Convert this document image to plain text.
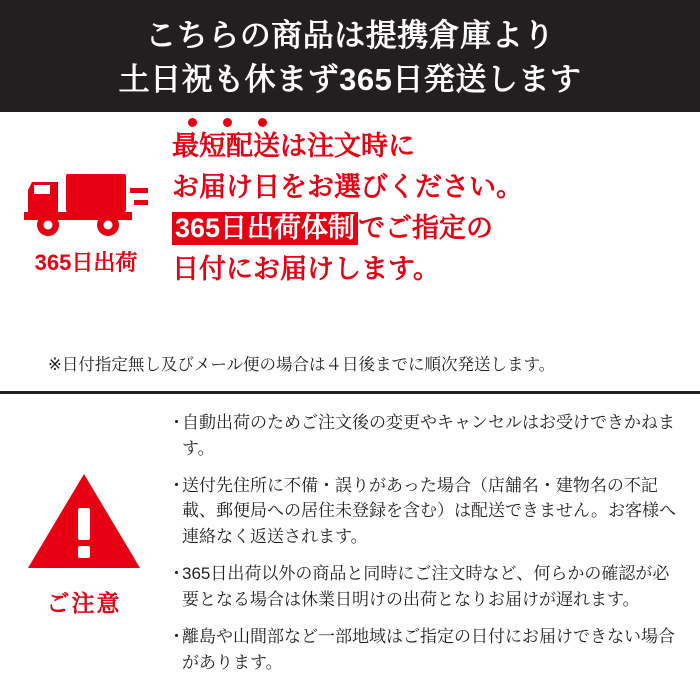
こちらの商品は提携倉庫より
土日祝も休まず365日発送します
365日出荷
最短配送は注文時に
お届け日をお選びください。
365日出荷体制 でご指定の
日付にお届けします。
※日付指定無し及びメール便の場合は４日後までに順次発送します。
ご注意
・
自動出荷のためご注文後の変更やキャンセルはお受けできかねます。
・
送付先住所に不備・誤りがあった場合（店舗名・建物名の不記載、郵便局への居住未登録を含む）は配送できません。お客様へ連絡なく返送されます。
・
365日出荷以外の商品と同時にご注文時など、何らかの確認が必要となる場合は休業日明けの出荷となりお届けが遅れます。
・
離島や山間部など一部地域はご指定の日付にお届けできない場合があります。
